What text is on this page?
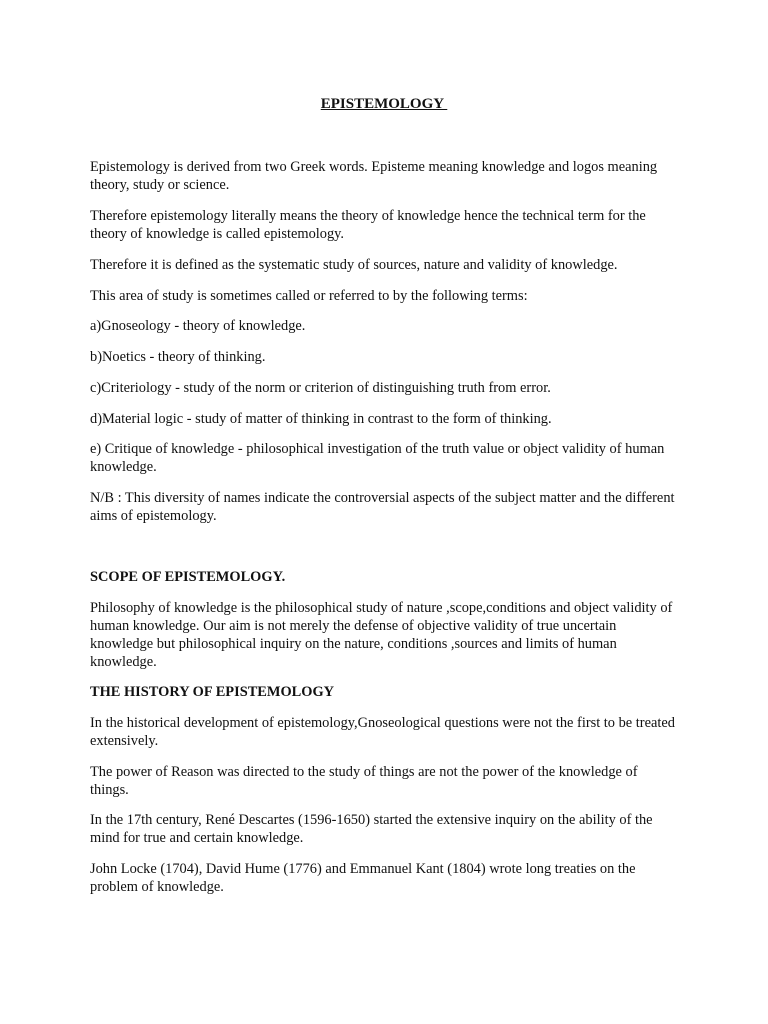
EPISTEMOLOGY

Epistemology is derived from two Greek words. Episteme meaning knowledge and logos meaning theory, study or science.

Therefore epistemology literally means the theory of knowledge hence the technical term for the theory of knowledge is called epistemology.

Therefore it is defined as the systematic study of sources, nature and validity of knowledge.

This area of study is sometimes called or referred to by the following terms:

a)Gnoseology - theory of knowledge.

b)Noetics - theory of thinking.

c)Criteriology - study of the norm or criterion of distinguishing truth from error.

d)Material logic - study of matter of thinking in contrast to the form of thinking.

e) Critique of knowledge - philosophical investigation of the truth value or object validity of human knowledge.

N/B : This diversity of names indicate the controversial aspects of the subject matter and the different aims of epistemology.

SCOPE OF EPISTEMOLOGY.

Philosophy of knowledge is the philosophical study of nature ,scope,conditions and object validity of human knowledge. Our aim is not merely the defense of objective validity of true uncertain knowledge but philosophical inquiry on the nature, conditions ,sources and limits of human knowledge.

THE HISTORY OF EPISTEMOLOGY

In the historical development of epistemology,Gnoseological questions were not the first to be treated extensively.

The power of Reason was directed to the study of things are not the power of the knowledge of things.

In the 17th century, René Descartes (1596-1650) started the extensive inquiry on the ability of the mind for true and certain knowledge.

John Locke (1704), David Hume (1776) and Emmanuel Kant (1804) wrote long treaties on the problem of knowledge.
